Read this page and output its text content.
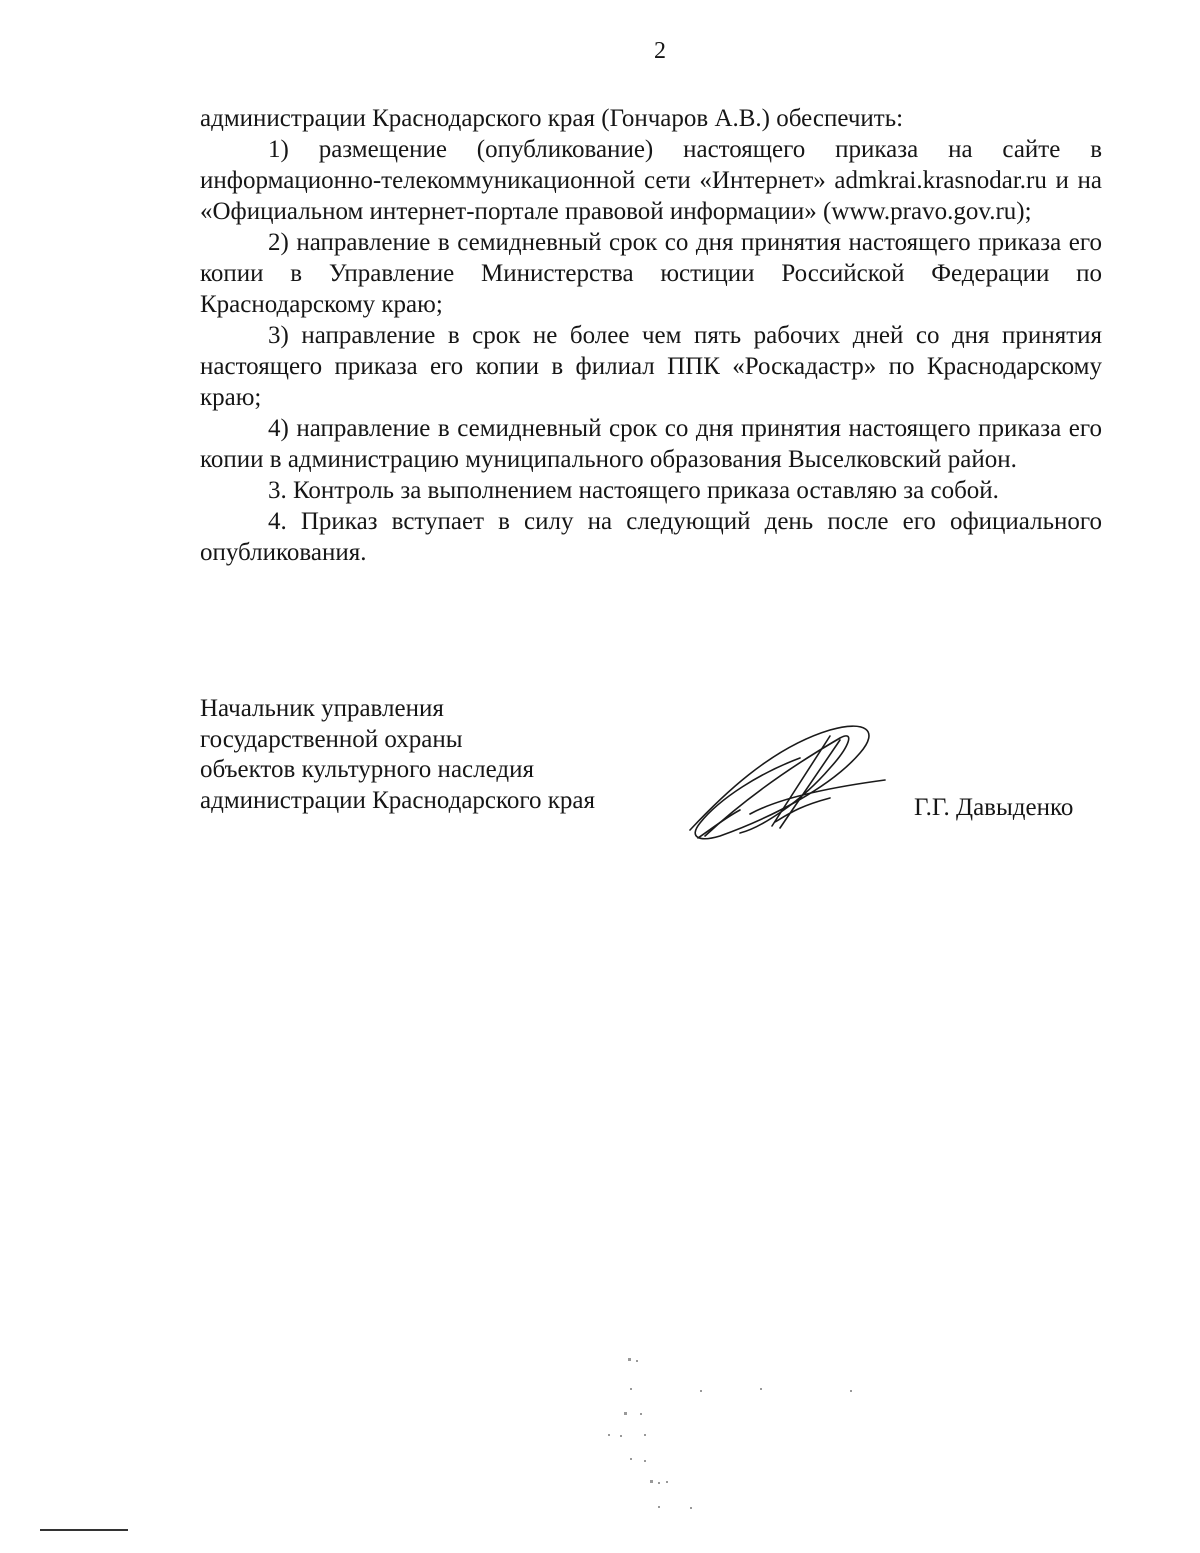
2

администрации Краснодарского края (Гончаров А.В.) обеспечить:

1) размещение (опубликование) настоящего приказа на сайте в информационно-телекоммуникационной сети «Интернет» admkrai.krasnodar.ru и на «Официальном интернет-портале правовой информации» (www.pravo.gov.ru);

2) направление в семидневный срок со дня принятия настоящего приказа его копии в Управление Министерства юстиции Российской Федерации по Краснодарскому краю;

3) направление в срок не более чем пять рабочих дней со дня принятия настоящего приказа его копии в филиал ППК «Роскадастр» по Краснодарскому краю;

4) направление в семидневный срок со дня принятия настоящего приказа его копии в администрацию муниципального образования Выселковский район.

3. Контроль за выполнением настоящего приказа оставляю за собой.

4. Приказ вступает в силу на следующий день после его официального опубликования.

Начальник управления
государственной охраны
объектов культурного наследия
администрации Краснодарского края	Г.Г. Давыденко
